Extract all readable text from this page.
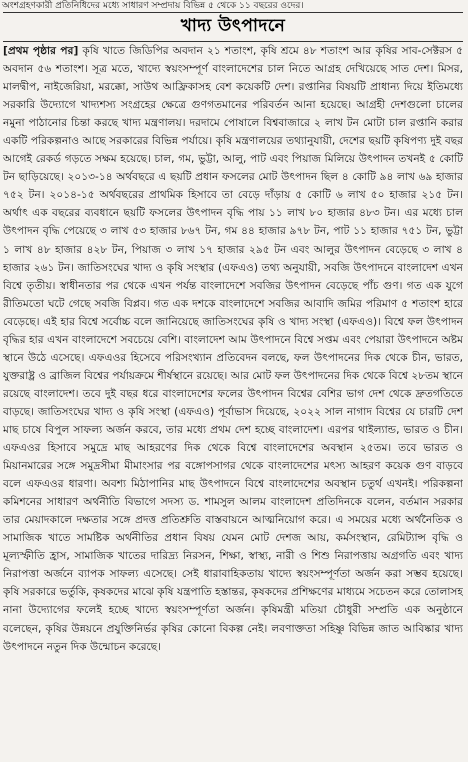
অংশগ্রহণকারী প্রতিনিধিদের মধ্যে সাধারণ সম্প্রদায় বিভিন্ন ৫ থেকে ১১ বছরের ওদের।
খাদ্য উৎপাদনে
[প্রথম পৃষ্ঠার পর] কৃষি খাতে জিডিপির অবদান ২১ শতাংশ, কৃষি শ্রমে ৪৮ শতাংশ আর কৃষির সাব-সেক্টরস ৫ অবদান ৫৬ শতাংশ। সূত্র মতে, খাদ্যে স্বয়ংসম্পূর্ণ বাংলাদেশের চাল নিতে আগ্রহ দেখিয়েছে সাত দেশ। মিসর, মালদ্বীপ, নাইজেরিয়া, মরক্কো, সাউথ আফ্রিকাসহ বেশ কয়েকটি দেশ। রপ্তানির বিষয়টি প্রাধান্য দিয়ে ইতিমধ্যে সরকারি উদ্যোগে খাদ্যশস্য সংগ্রহের ক্ষেত্রে গুণগতমানের পরিবর্তন আনা হয়েছে। আগ্রহী দেশগুলো চালের নমুনা পাঠানোর চিন্তা করছে খাদ্য মন্ত্রণালয়। দরদামে পোষালে বিশ্ববাজারে ২ লাখ টন মোটা চাল রপ্তানি করার একটি পরিকল্পনাও আছে সরকারের বিভিন্ন পর্যায়ে। কৃষি মন্ত্রণালয়ের তথ্যানুযায়ী, দেশের ছয়টি কৃষিপণ্য দুই বছর আগেই রেকর্ড গড়তে সক্ষম হয়েছে। চাল, গম, ভুট্টা, আলু, পাট এবং পিয়াজ মিলিয়ে উৎপাদন তখনই ৫ কোটি টন ছাড়িয়েছে। ২০১৩-১৪ অর্থবছরে এ ছয়টি প্রধান ফসলের মোট উৎপাদন ছিল ৪ কোটি ৯৪ লাখ ৬৯ হাজার ৭৫২ টন। ২০১৪-১৫ অর্থবছরের প্রাথমিক হিসাবে তা বেড়ে দাঁড়ায় ৫ কোটি ৬ লাখ ৫০ হাজার ২১৫ টন। অর্থাৎ এক বছরের ব্যবধানে ছয়টি ফসলের উৎপাদন বৃদ্ধি পায় ১১ লাখ ৮০ হাজার ৪৮৩ টন। এর মধ্যে চাল উৎপাদন বৃদ্ধি পেয়েছে ৩ লাখ ৫৩ হাজার ৮৬৭ টন, গম ৪৪ হাজার ৯৭৮ টন, পাট ১১ হাজার ৭৫১ টন, ভুট্টা ১ লাখ ৪৮ হাজার ৪২৮ টন, পিয়াজ ৩ লাখ ১৭ হাজার ২৯৫ টন এবং আলুর উৎপাদন বেড়েছে ৩ লাখ ৪ হাজার ২৬১ টন। জাতিসংঘের খাদ্য ও কৃষি সংস্থার (এফএও) তথ্য অনুযায়ী, সবজি উৎপাদনে বাংলাদেশ এখন বিশ্বে তৃতীয়। স্বাধীনতার পর থেকে এখন পর্যন্ত বাংলাদেশে সবজির উৎপাদন বেড়েছে পাঁচ গুণ। গত এক যুগে রীতিমতো ঘটে গেছে সবজি বিপ্লব। গত এক দশকে বাংলাদেশে সবজির আবাদি জমির পরিমাণ ৫ শতাংশ হারে বেড়েছে। এই হার বিশ্বে সর্বোচ্চ বলে জানিয়েছে জাতিসংঘের কৃষি ও খাদ্য সংস্থা (এফএও)। বিশ্বে ফল উৎপাদন বৃদ্ধির হার এখন বাংলাদেশে সবচেয়ে বেশি। বাংলাদেশ আম উৎপাদনে বিশ্বে সপ্তম এবং পেয়ারা উৎপাদনে অষ্টম স্থানে উঠে এসেছে। এফএওর হিসেবে পরিসংখ্যান প্রতিবেদন বলছে, ফল উৎপাদনের দিক থেকে চীন, ভারত, যুক্তরাষ্ট্র ও ব্রাজিল বিশ্বের পর্যায়ক্রমে শীর্ষস্থানে রয়েছে। আর মোট ফল উৎপাদনের দিক থেকে বিশ্বে ২৮তম স্থানে রয়েছে বাংলাদেশ। তবে দুই বছর ধরে বাংলাদেশের ফলের উৎপাদন বিশ্বের বেশির ভাগ দেশ থেকে দ্রুতগতিতে বাড়ছে। জাতিসংঘের খাদ্য ও কৃষি সংস্থা (এফএও) পূর্বাভাস দিয়েছে, ২০২২ সাল নাগাদ বিশ্বের যে চারটি দেশ মাছ চাষে বিপুল সাফল্য অর্জন করবে, তার মধ্যে প্রথম দেশ হচ্ছে বাংলাদেশ। এরপর থাইল্যান্ড, ভারত ও চীন। এফএওর হিসাবে সমুদ্রে মাছ আহরণের দিক থেকে বিশ্বে বাংলাদেশের অবস্থান ২৫তম। তবে ভারত ও মিয়ানমারের সঙ্গে সমুদ্রসীমা মীমাংসার পর বঙ্গোপসাগর থেকে বাংলাদেশের মৎস্য আহরণ কয়েক গুণ বাড়বে বলে এফএওর ধারণা। অবশ্য মিঠাপানির মাছ উৎপাদনে বিশ্বে বাংলাদেশের অবস্থান চতুর্থ এখনই। পরিকল্পনা কমিশনের সাধারণ অর্থনীতি বিভাগে সদস্য ড. শামসুল আলম বাংলাদেশ প্রতিদিনকে বলেন, বর্তমান সরকার তার মেয়াদকালে দক্ষতার সঙ্গে প্রদত্ত প্রতিশ্রুতি বাস্তবায়নে আত্মনিয়োগ করে। এ সময়ের মধ্যে অর্থনৈতিক ও সামাজিক খাতে সামষ্টিক অর্থনীতির প্রধান বিষয় যেমন মোট দেশজ আয়, কর্মসংস্থান, রেমিট্যান্স বৃদ্ধি ও মূল্যস্ফীতি হ্রাস, সামাজিক খাতের দারিদ্র্য নিরসন, শিক্ষা, স্বাস্থ্য, নারী ও শিশু নিরাপত্তায় অগ্রগতি এবং খাদ্য নিরাপত্তা অর্জনে ব্যাপক সাফল্য এসেছে। সেই ধারাবাহিকতায় খাদ্যে স্বয়ংসম্পূর্ণতা অর্জন করা সম্ভব হয়েছে। কৃষি সরকারে ভর্তুকি, কৃষকদের মাঝে কৃষি যন্ত্রপাতি হস্তান্তর, কৃষকদের প্রশিক্ষণের মাধ্যমে সচেতন করে তোলাসহ নানা উদ্যোগের ফলেই হচ্ছে খাদ্যে স্বয়ংসম্পূর্ণতা অর্জন। কৃষিমন্ত্রী মতিয়া চৌধুরী সম্প্রতি এক অনুষ্ঠানে বলেছেন, কৃষির উন্নয়নে প্রযুক্তিনির্ভর কৃষির কোনো বিকল্প নেই। লবণাক্ততা সহিষ্ণু বিভিন্ন জাত আবিষ্কার খাদ্য উৎপাদনে নতুন দিক উন্মোচন করেছে।
